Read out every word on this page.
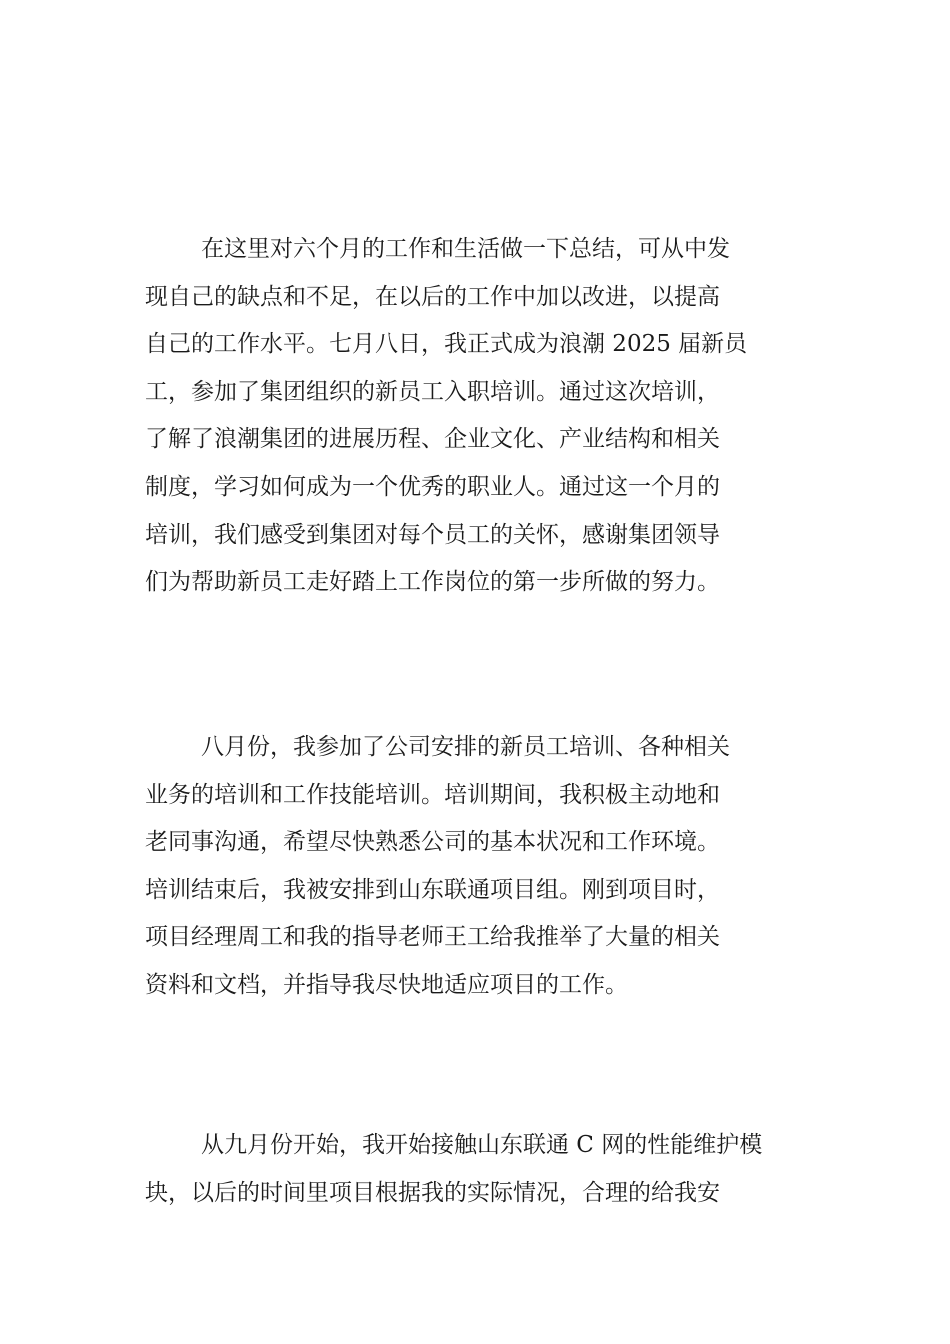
在这里对六个月的工作和生活做一下总结，可从中发
现自己的缺点和不足，在以后的工作中加以改进，以提高
自己的工作水平。七月八日，我正式成为浪潮 2025 届新员
工，参加了集团组织的新员工入职培训。通过这次培训，
了解了浪潮集团的进展历程、企业文化、产业结构和相关
制度，学习如何成为一个优秀的职业人。通过这一个月的
培训，我们感受到集团对每个员工的关怀，感谢集团领导
们为帮助新员工走好踏上工作岗位的第一步所做的努力。
八月份，我参加了公司安排的新员工培训、各种相关
业务的培训和工作技能培训。培训期间，我积极主动地和
老同事沟通，希望尽快熟悉公司的基本状况和工作环境。
培训结束后，我被安排到山东联通项目组。刚到项目时，
项目经理周工和我的指导老师王工给我推举了大量的相关
资料和文档，并指导我尽快地适应项目的工作。
从九月份开始，我开始接触山东联通 C 网的性能维护模
块，以后的时间里项目根据我的实际情况，合理的给我安
